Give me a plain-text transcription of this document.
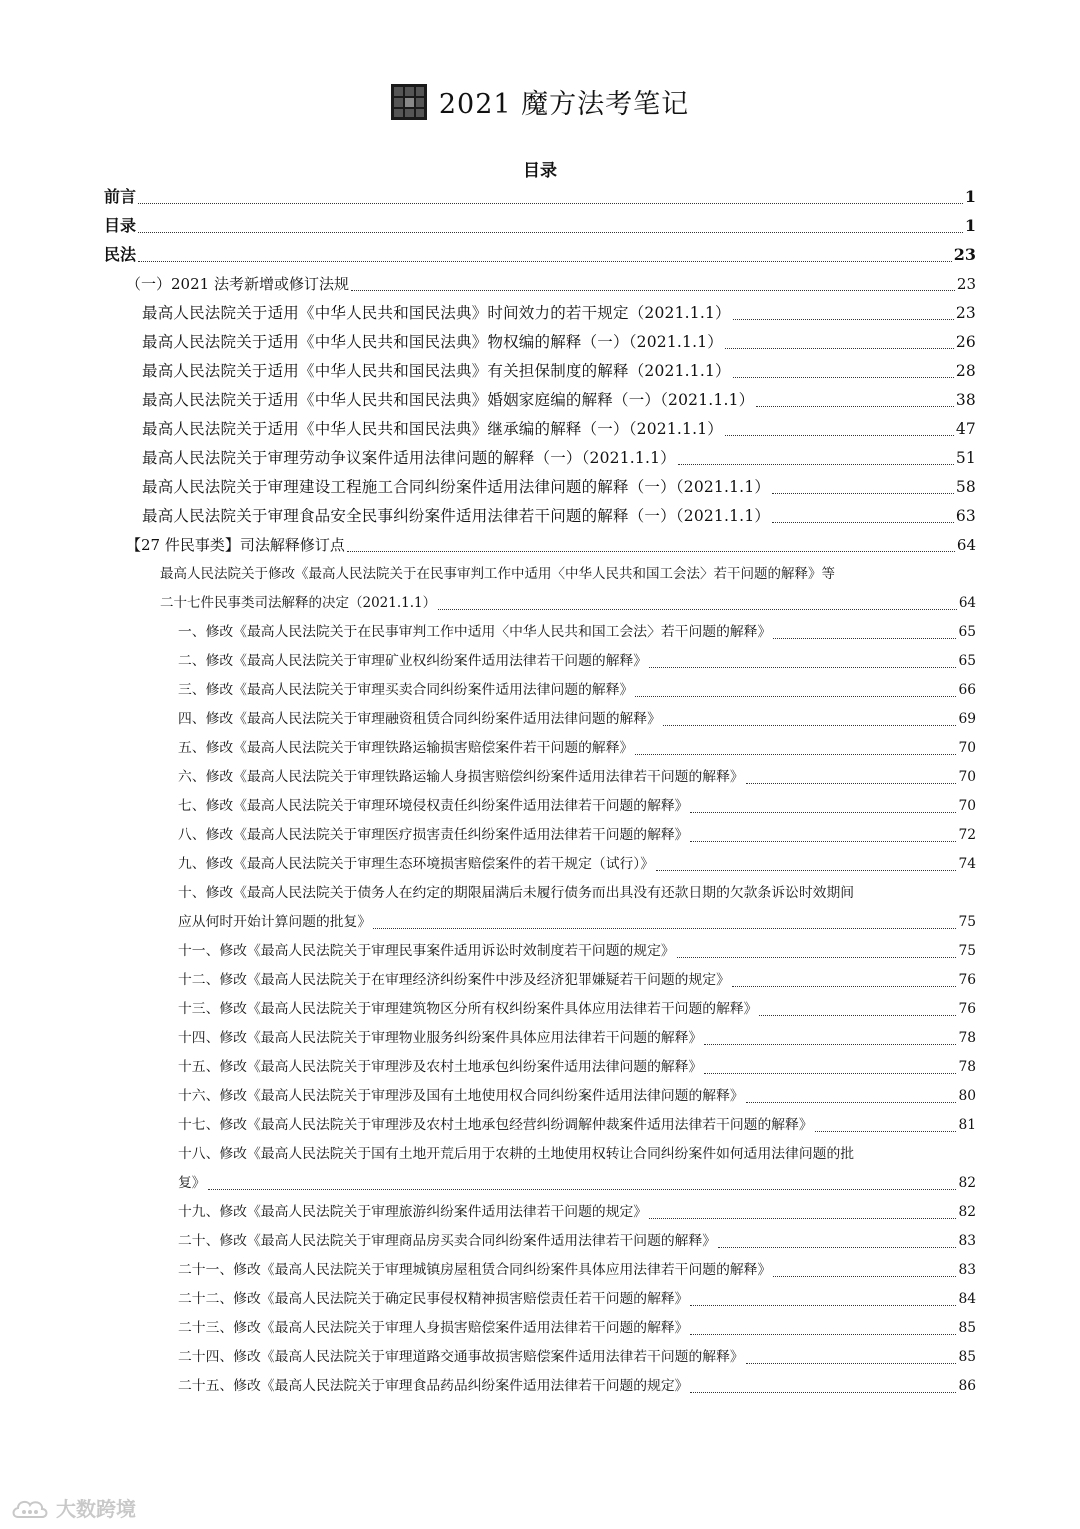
2021 魔方法考笔记
目录
前言	1
目录	1
民法	23
（一）2021 法考新增或修订法规	23
最高人民法院关于适用《中华人民共和国民法典》时间效力的若干规定（2021.1.1）	23
最高人民法院关于适用《中华人民共和国民法典》物权编的解释（一）（2021.1.1）	26
最高人民法院关于适用《中华人民共和国民法典》有关担保制度的解释（2021.1.1）	28
最高人民法院关于适用《中华人民共和国民法典》婚姻家庭编的解释（一）（2021.1.1）	38
最高人民法院关于适用《中华人民共和国民法典》继承编的解释（一）（2021.1.1）	47
最高人民法院关于审理劳动争议案件适用法律问题的解释（一）（2021.1.1）	51
最高人民法院关于审理建设工程施工合同纠纷案件适用法律问题的解释（一）（2021.1.1）	58
最高人民法院关于审理食品安全民事纠纷案件适用法律若干问题的解释（一）（2021.1.1）	63
【27 件民事类】司法解释修订点	64
最高人民法院关于修改《最高人民法院关于在民事审判工作中适用〈中华人民共和国工会法〉若干问题的解释》等
二十七件民事类司法解释的决定（2021.1.1）	64
一、修改《最高人民法院关于在民事审判工作中适用〈中华人民共和国工会法〉若干问题的解释》	65
二、修改《最高人民法院关于审理矿业权纠纷案件适用法律若干问题的解释》	65
三、修改《最高人民法院关于审理买卖合同纠纷案件适用法律问题的解释》	66
四、修改《最高人民法院关于审理融资租赁合同纠纷案件适用法律问题的解释》	69
五、修改《最高人民法院关于审理铁路运输损害赔偿案件若干问题的解释》	70
六、修改《最高人民法院关于审理铁路运输人身损害赔偿纠纷案件适用法律若干问题的解释》	70
七、修改《最高人民法院关于审理环境侵权责任纠纷案件适用法律若干问题的解释》	70
八、修改《最高人民法院关于审理医疗损害责任纠纷案件适用法律若干问题的解释》	72
九、修改《最高人民法院关于审理生态环境损害赔偿案件的若干规定（试行）》	74
十、修改《最高人民法院关于债务人在约定的期限届满后未履行债务而出具没有还款日期的欠款条诉讼时效期间
应从何时开始计算问题的批复》	75
十一、修改《最高人民法院关于审理民事案件适用诉讼时效制度若干问题的规定》	75
十二、修改《最高人民法院关于在审理经济纠纷案件中涉及经济犯罪嫌疑若干问题的规定》	76
十三、修改《最高人民法院关于审理建筑物区分所有权纠纷案件具体应用法律若干问题的解释》	76
十四、修改《最高人民法院关于审理物业服务纠纷案件具体应用法律若干问题的解释》	78
十五、修改《最高人民法院关于审理涉及农村土地承包纠纷案件适用法律问题的解释》	78
十六、修改《最高人民法院关于审理涉及国有土地使用权合同纠纷案件适用法律问题的解释》	80
十七、修改《最高人民法院关于审理涉及农村土地承包经营纠纷调解仲裁案件适用法律若干问题的解释》	81
十八、修改《最高人民法院关于国有土地开荒后用于农耕的土地使用权转让合同纠纷案件如何适用法律问题的批
复》	82
十九、修改《最高人民法院关于审理旅游纠纷案件适用法律若干问题的规定》	82
二十、修改《最高人民法院关于审理商品房买卖合同纠纷案件适用法律若干问题的解释》	83
二十一、修改《最高人民法院关于审理城镇房屋租赁合同纠纷案件具体应用法律若干问题的解释》	83
二十二、修改《最高人民法院关于确定民事侵权精神损害赔偿责任若干问题的解释》	84
二十三、修改《最高人民法院关于审理人身损害赔偿案件适用法律若干问题的解释》	85
二十四、修改《最高人民法院关于审理道路交通事故损害赔偿案件适用法律若干问题的解释》	85
二十五、修改《最高人民法院关于审理食品药品纠纷案件适用法律若干问题的规定》	86
大数跨境
